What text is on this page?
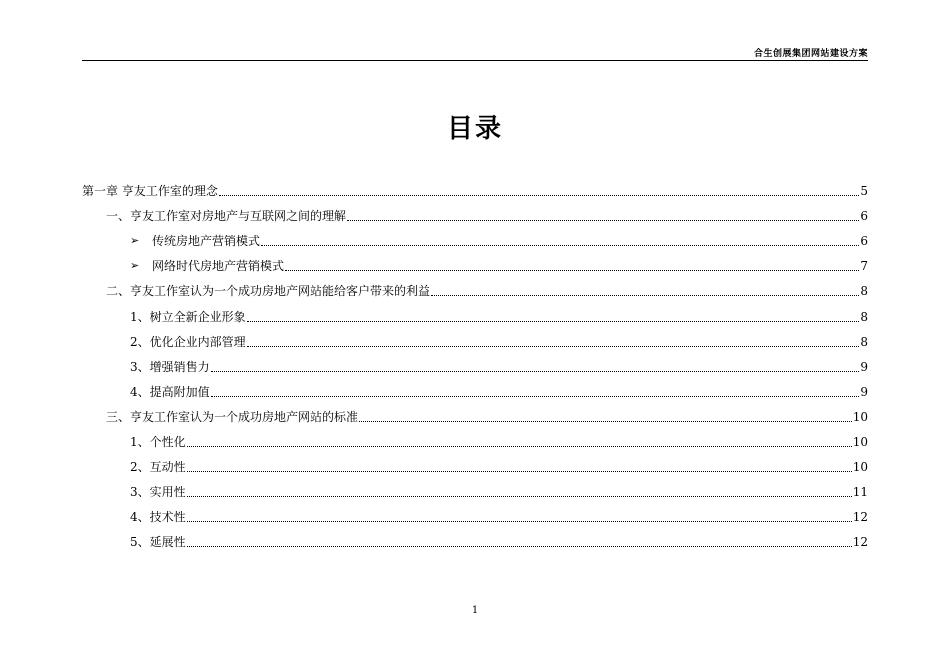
合生创展集团网站建设方案
目录
第一章 亨友工作室的理念	5
一、亨友工作室对房地产与互联网之间的理解	6
➢	传统房地产营销模式	6
➢	网络时代房地产营销模式	7
二、亨友工作室认为一个成功房地产网站能给客户带来的利益	8
1、树立全新企业形象	8
2、优化企业内部管理	8
3、增强销售力	9
4、提高附加值	9
三、亨友工作室认为一个成功房地产网站的标准	10
1、个性化	10
2、互动性	10
3、实用性	11
4、技术性	12
5、延展性	12
1
